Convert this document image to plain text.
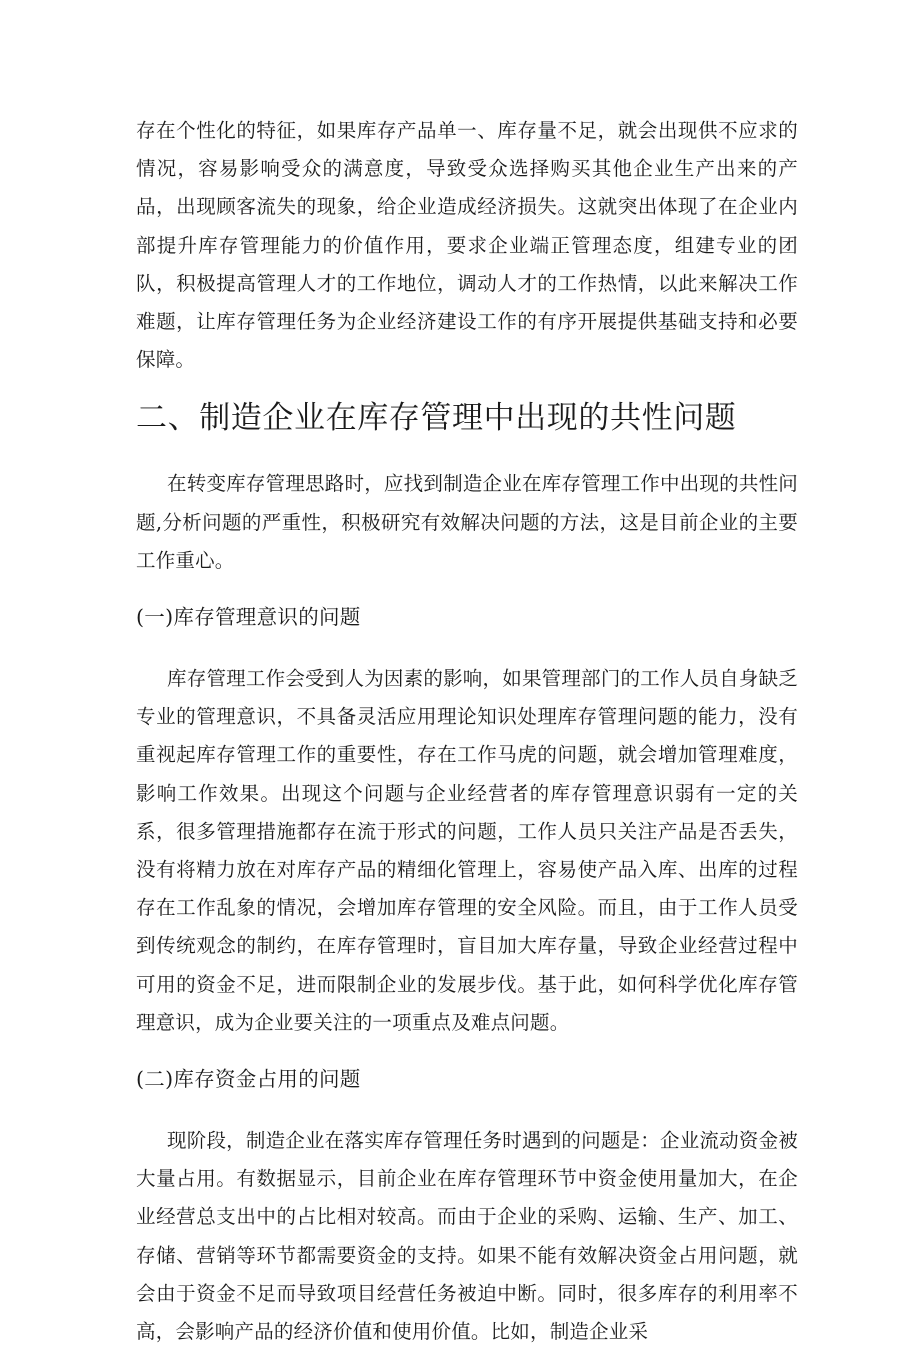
存在个性化的特征，如果库存产品单一、库存量不足，就会出现供不应求的情况，容易影响受众的满意度，导致受众选择购买其他企业生产出来的产品，出现顾客流失的现象，给企业造成经济损失。这就突出体现了在企业内部提升库存管理能力的价值作用，要求企业端正管理态度，组建专业的团队，积极提高管理人才的工作地位，调动人才的工作热情，以此来解决工作难题，让库存管理任务为企业经济建设工作的有序开展提供基础支持和必要保障。

二、制造企业在库存管理中出现的共性问题

在转变库存管理思路时，应找到制造企业在库存管理工作中出现的共性问题,分析问题的严重性，积极研究有效解决问题的方法，这是目前企业的主要工作重心。

(一)库存管理意识的问题

库存管理工作会受到人为因素的影响，如果管理部门的工作人员自身缺乏专业的管理意识，不具备灵活应用理论知识处理库存管理问题的能力，没有重视起库存管理工作的重要性，存在工作马虎的问题，就会增加管理难度，影响工作效果。出现这个问题与企业经营者的库存管理意识弱有一定的关系，很多管理措施都存在流于形式的问题，工作人员只关注产品是否丢失，没有将精力放在对库存产品的精细化管理上，容易使产品入库、出库的过程存在工作乱象的情况，会增加库存管理的安全风险。而且，由于工作人员受到传统观念的制约，在库存管理时，盲目加大库存量，导致企业经营过程中可用的资金不足，进而限制企业的发展步伐。基于此，如何科学优化库存管理意识，成为企业要关注的一项重点及难点问题。

(二)库存资金占用的问题

现阶段，制造企业在落实库存管理任务时遇到的问题是：企业流动资金被大量占用。有数据显示，目前企业在库存管理环节中资金使用量加大，在企业经营总支出中的占比相对较高。而由于企业的采购、运输、生产、加工、存储、营销等环节都需要资金的支持。如果不能有效解决资金占用问题，就会由于资金不足而导致项目经营任务被迫中断。同时，很多库存的利用率不高，会影响产品的经济价值和使用价值。比如，制造企业采
